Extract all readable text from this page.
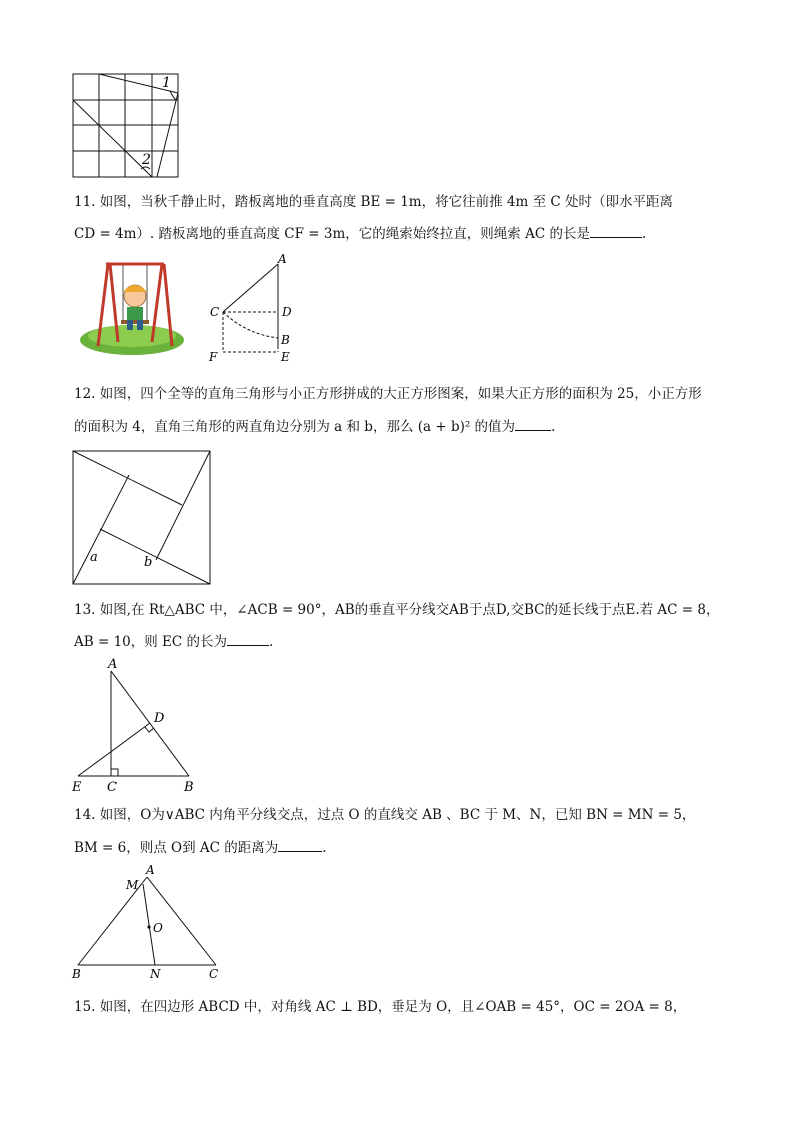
1
2
11. 如图，当秋千静止时，踏板离地的垂直高度 BE = 1m，将它往前推 4m 至 C 处时（即水平距离
CD = 4m）. 踏板离地的垂直高度 CF = 3m，它的绳索始终拉直，则绳索 AC 的长是	.
A
C	D
B
F	E
12. 如图，四个全等的直角三角形与小正方形拼成的大正方形图案，如果大正方形的面积为 25，小正方形
的面积为 4，直角三角形的两直角边分别为 a 和 b，那么 (a + b)² 的值为	.
a	b
13. 如图,在 Rt△ABC 中，∠ACB = 90°，AB的垂直平分线交AB于点D,交BC的延长线于点E.若 AC = 8，
AB = 10，则 EC 的长为	.
A
D
E C	B
14. 如图，O为∨ABC 内角平分线交点，过点 O 的直线交 AB 、BC 于 M、N，已知 BN = MN = 5，
BM = 6，则点 O到 AC 的距离为	.
M
A
O
B	N	C
15. 如图，在四边形 ABCD 中，对角线 AC ⊥ BD，垂足为 O，且∠OAB = 45°，OC = 2OA = 8，
